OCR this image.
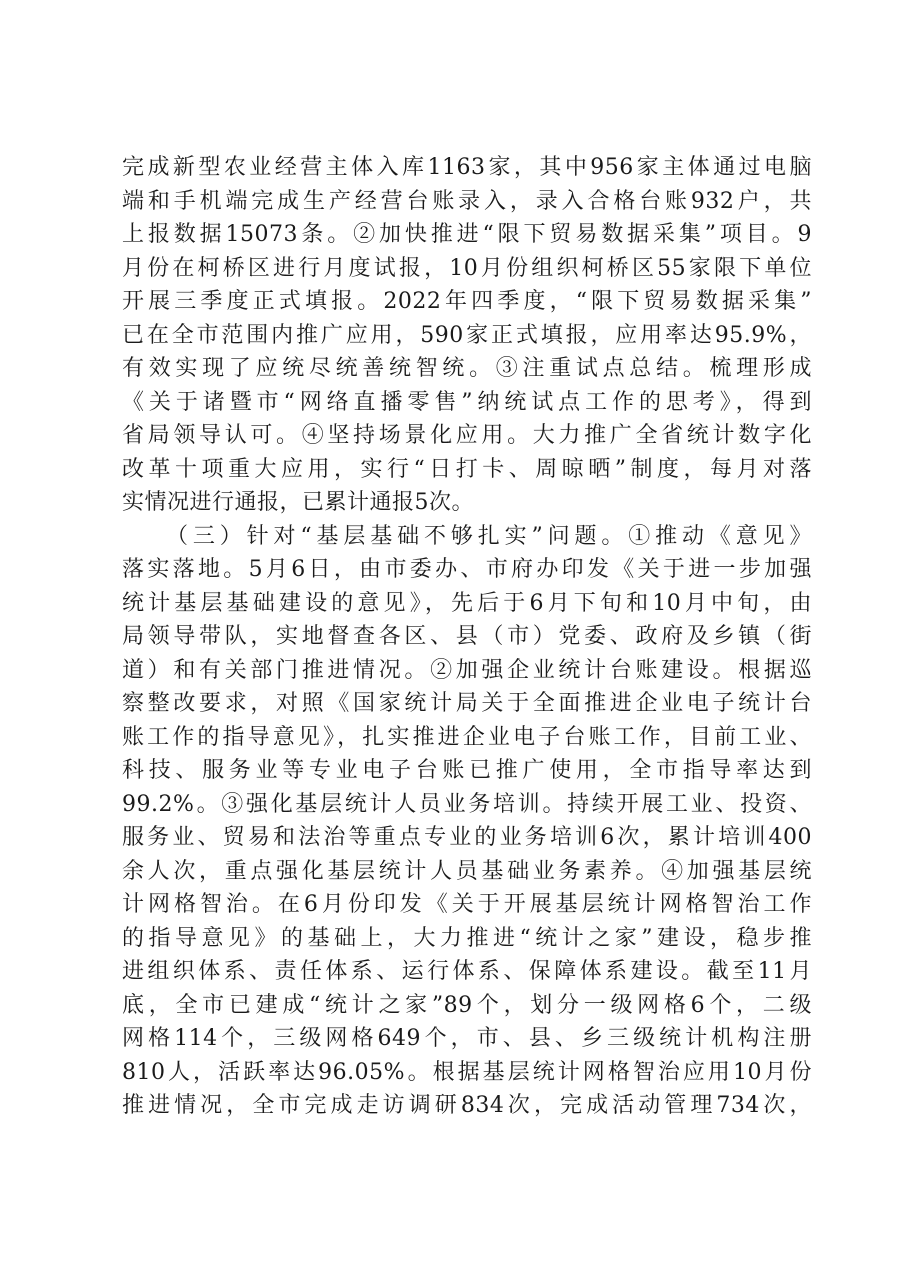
完成新型农业经营主体入库1163家，其中956家主体通过电脑
端和手机端完成生产经营台账录入，录入合格台账932户，共
上报数据15073条。②加快推进“限下贸易数据采集”项目。9
月份在柯桥区进行月度试报，10月份组织柯桥区55家限下单位
开展三季度正式填报。2022年四季度，“限下贸易数据采集”
已在全市范围内推广应用，590家正式填报，应用率达95.9%，
有效实现了应统尽统善统智统。③注重试点总结。梳理形成
《关于诸暨市“网络直播零售”纳统试点工作的思考》，得到
省局领导认可。④坚持场景化应用。大力推广全省统计数字化
改革十项重大应用，实行“日打卡、周晾晒”制度，每月对落
实情况进行通报，已累计通报5次。
（三）针对“基层基础不够扎实”问题。①推动《意见》
落实落地。5月6日，由市委办、市府办印发《关于进一步加强
统计基层基础建设的意见》，先后于6月下旬和10月中旬，由
局领导带队，实地督查各区、县（市）党委、政府及乡镇（街
道）和有关部门推进情况。②加强企业统计台账建设。根据巡
察整改要求，对照《国家统计局关于全面推进企业电子统计台
账工作的指导意见》，扎实推进企业电子台账工作，目前工业、
科技、服务业等专业电子台账已推广使用，全市指导率达到
99.2%。③强化基层统计人员业务培训。持续开展工业、投资、
服务业、贸易和法治等重点专业的业务培训6次，累计培训400
余人次，重点强化基层统计人员基础业务素养。④加强基层统
计网格智治。在6月份印发《关于开展基层统计网格智治工作
的指导意见》的基础上，大力推进“统计之家”建设，稳步推
进组织体系、责任体系、运行体系、保障体系建设。截至11月
底，全市已建成“统计之家”89个，划分一级网格6个，二级
网格114个，三级网格649个，市、县、乡三级统计机构注册
810人，活跃率达96.05%。根据基层统计网格智治应用10月份
推进情况，全市完成走访调研834次，完成活动管理734次，
